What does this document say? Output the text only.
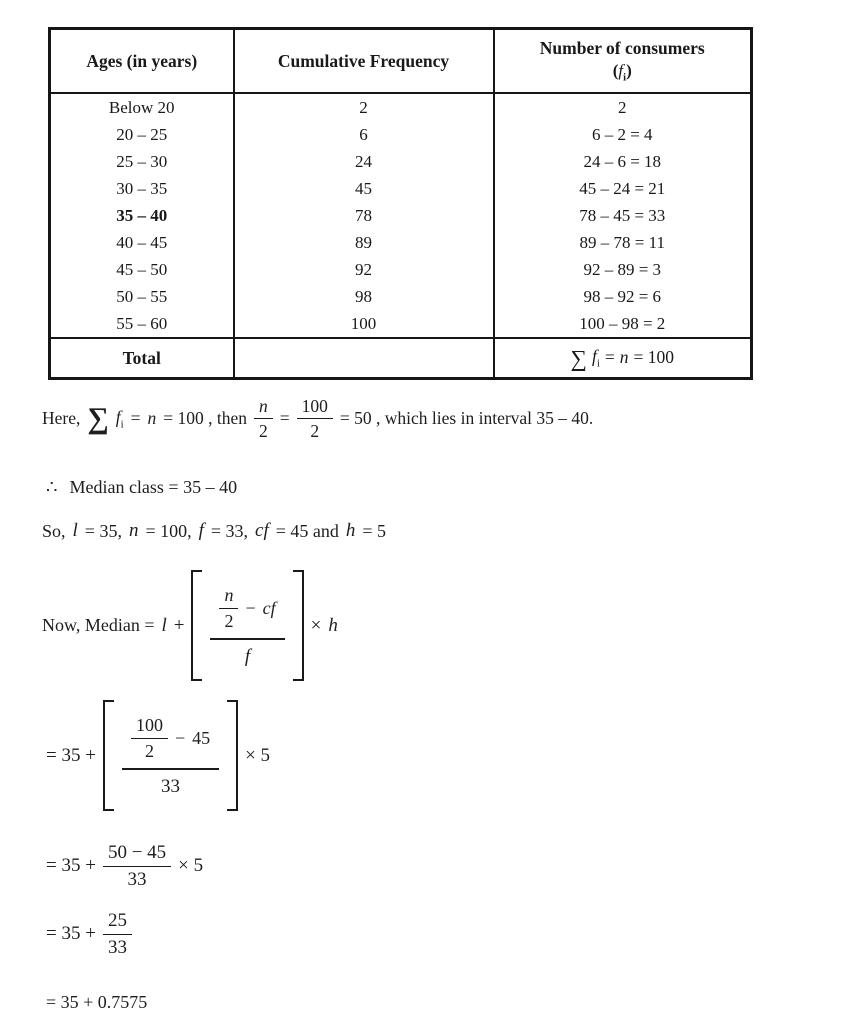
Ages (in years)	Cumulative Frequency	Number of consumers
$(f_i)$

Below 20	2	2
20 – 25	6	6 – 2 = 4
25 – 30	24	24 – 6 = 18
30 – 35	45	45 – 24 = 21
35 – 40	78	78 – 45 = 33
40 – 45	89	89 – 78 = 11
45 – 50	92	92 – 89 = 3
50 – 55	98	98 – 92 = 6
55 – 60	100	100 – 98 = 2
Total		∑ $f_i = n = 100$
Here, ∑ $f_i = n = 100$ , then $\frac{n}{2} = \frac{100}{2} = 50$ , which lies in interval 35 – 40.
∴ Median class = 35 – 40
So, l = 35, n = 100, f = 33, cf = 45 and h = 5
Now, Median = $l + \frac{\frac{n}{2} - cf}{f} \times h$
= $35 + \frac{100}{2} - 45$
33
× 5
= $35 + \frac{50 - 45}{33} \times 5$
= $35 + \frac{25}{33}$
= 35 + 0.7575
